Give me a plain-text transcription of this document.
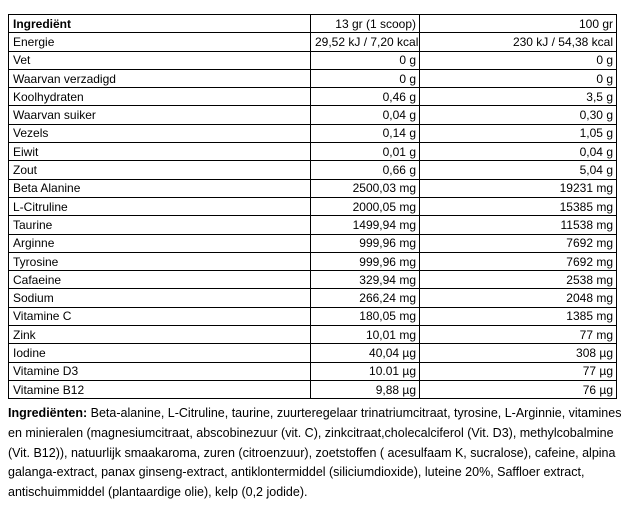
Ingrediënt	13 gr (1 scoop)	100 gr
Energie	29,52 kJ / 7,20 kcal	230 kJ / 54,38 kcal
Vet	0 g	0 g
Waarvan verzadigd	0 g	0 g
Koolhydraten	0,46 g	3,5 g
Waarvan suiker	0,04 g	0,30 g
Vezels	0,14 g	1,05 g
Eiwit	0,01 g	0,04 g
Zout	0,66 g	5,04 g
Beta Alanine	2500,03 mg	19231 mg
L-Citruline	2000,05 mg	15385 mg
Taurine	1499,94 mg	11538 mg
Arginne	999,96 mg	7692 mg
Tyrosine	999,96 mg	7692 mg
Cafaeine	329,94 mg	2538 mg
Sodium	266,24 mg	2048 mg
Vitamine C	180,05 mg	1385 mg
Zink	10,01 mg	77 mg
Iodine	40,04 µg	308 µg
Vitamine D3	10.01 µg	77 µg
Vitamine B12	9,88 µg	76 µg
Ingrediënten: Beta-alanine, L-Citruline, taurine, zuurteregelaar trinatriumcitraat, tyrosine, L-Arginnie, vitamines en minieralen (magnesiumcitraat, abscobinezuur (vit. C), zinkcitraat,cholecalciferol (Vit. D3), methylcobalmine (Vit. B12)), natuurlijk smaakaroma, zuren (citroenzuur), zoetstoffen ( acesulfaam K, sucralose), cafeine, alpina galanga-extract, panax ginseng-extract, antiklontermiddel (siliciumdioxide), luteine 20%, Saffloer extract, antischuimmiddel (plantaardige olie), kelp (0,2 jodide).
